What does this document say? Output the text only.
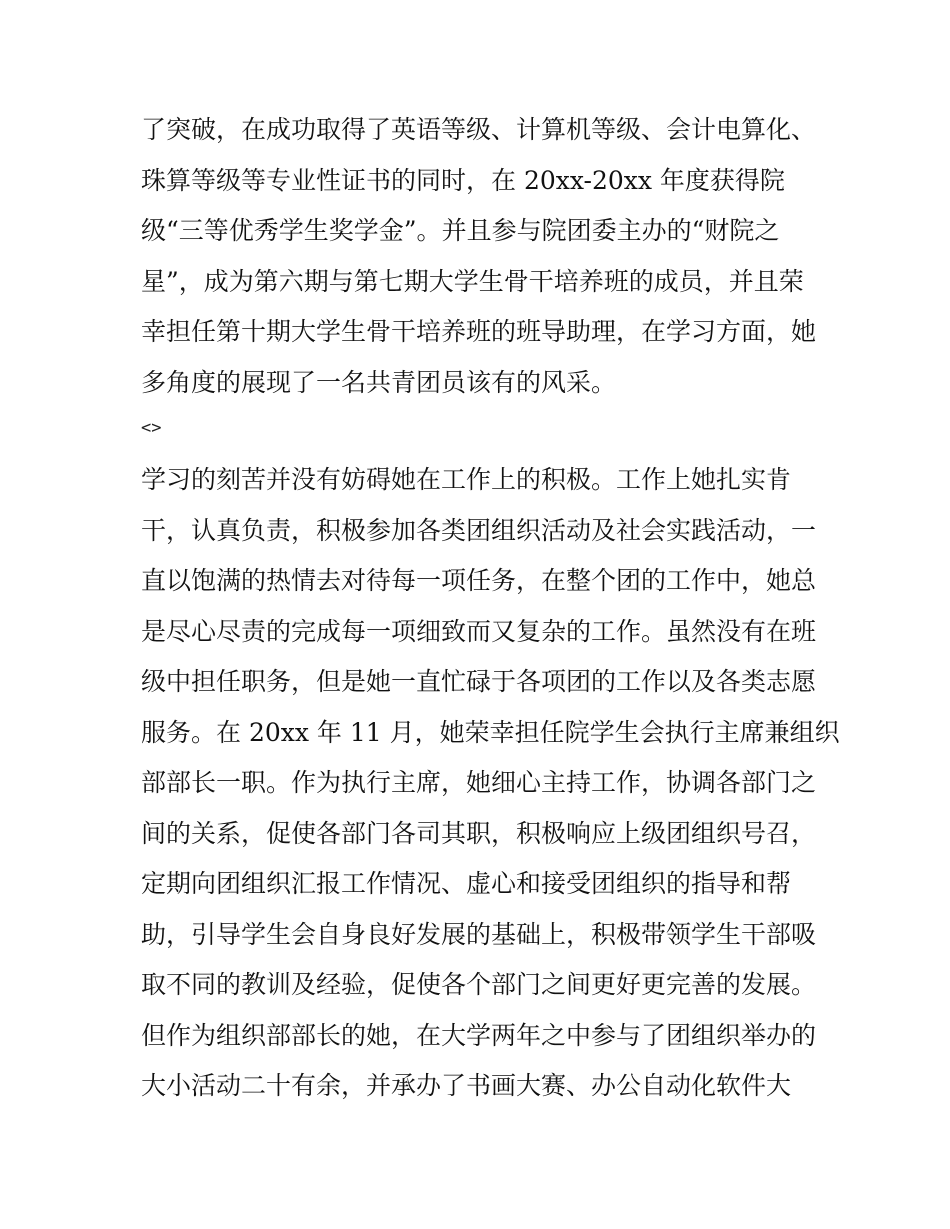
了突破，在成功取得了英语等级、计算机等级、会计电算化、
珠算等级等专业性证书的同时，在 20xx-20xx 年度获得院
级“三等优秀学生奖学金”。并且参与院团委主办的“财院之
星”，成为第六期与第七期大学生骨干培养班的成员，并且荣
幸担任第十期大学生骨干培养班的班导助理，在学习方面，她
多角度的展现了一名共青团员该有的风采。
<>
学习的刻苦并没有妨碍她在工作上的积极。工作上她扎实肯
干，认真负责，积极参加各类团组织活动及社会实践活动，一
直以饱满的热情去对待每一项任务，在整个团的工作中，她总
是尽心尽责的完成每一项细致而又复杂的工作。虽然没有在班
级中担任职务，但是她一直忙碌于各项团的工作以及各类志愿
服务。在 20xx 年 11 月，她荣幸担任院学生会执行主席兼组织
部部长一职。作为执行主席，她细心主持工作，协调各部门之
间的关系，促使各部门各司其职，积极响应上级团组织号召，
定期向团组织汇报工作情况、虚心和接受团组织的指导和帮
助，引导学生会自身良好发展的基础上，积极带领学生干部吸
取不同的教训及经验，促使各个部门之间更好更完善的发展。
但作为组织部部长的她，在大学两年之中参与了团组织举办的
大小活动二十有余，并承办了书画大赛、办公自动化软件大
